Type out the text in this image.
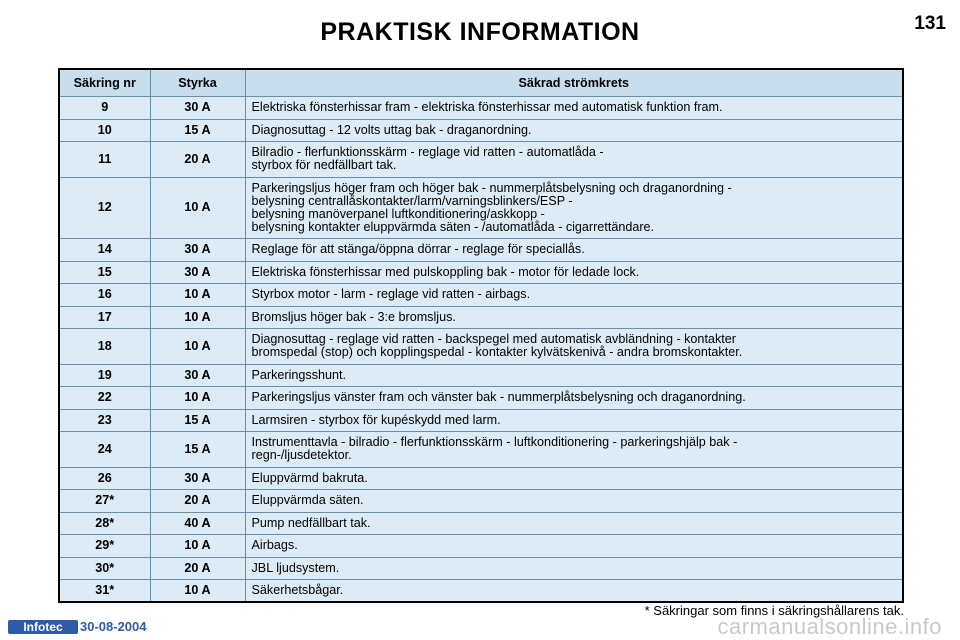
PRAKTISK INFORMATION	131
Säkring nr	Styrka	Säkrad strömkrets
9	30 A	Elektriska fönsterhissar fram - elektriska fönsterhissar med automatisk funktion fram.
10	15 A	Diagnosuttag - 12 volts uttag bak - draganordning.
11	20 A	Bilradio - flerfunktionsskärm - reglage vid ratten - automatlåda -
styrbox för nedfällbart tak.
12	10 A	Parkeringsljus höger fram och höger bak - nummerplåtsbelysning och draganordning -
belysning centrallåskontakter/larm/varningsblinkers/ESP -
belysning manöverpanel luftkonditionering/askkopp -
belysning kontakter eluppvärmda säten - /automatlåda - cigarrettändare.
14	30 A	Reglage för att stänga/öppna dörrar - reglage för speciallås.
15	30 A	Elektriska fönsterhissar med pulskoppling bak - motor för ledade lock.
16	10 A	Styrbox motor - larm - reglage vid ratten - airbags.
17	10 A	Bromsljus höger bak - 3:e bromsljus.
18	10 A	Diagnosuttag - reglage vid ratten - backspegel med automatisk avbländning - kontakter
bromspedal (stop) och kopplingspedal - kontakter kylvätskenivå - andra bromskontakter.
19	30 A	Parkeringsshunt.
22	10 A	Parkeringsljus vänster fram och vänster bak - nummerplåtsbelysning och draganordning.
23	15 A	Larmsiren - styrbox för kupéskydd med larm.
24	15 A	Instrumenttavla - bilradio - flerfunktionsskärm - luftkonditionering - parkeringshjälp bak -
regn-/ljusdetektor.
26	30 A	Eluppvärmd bakruta.
27*	20 A	Eluppvärmda säten.
28*	40 A	Pump nedfällbart tak.
29*	10 A	Airbags.
30*	20 A	JBL ljudsystem.
31*	10 A	Säkerhetsbågar.
* Säkringar som finns i säkringshållarens tak.
Infotec	30-08-2004	carmanualsonline.info
